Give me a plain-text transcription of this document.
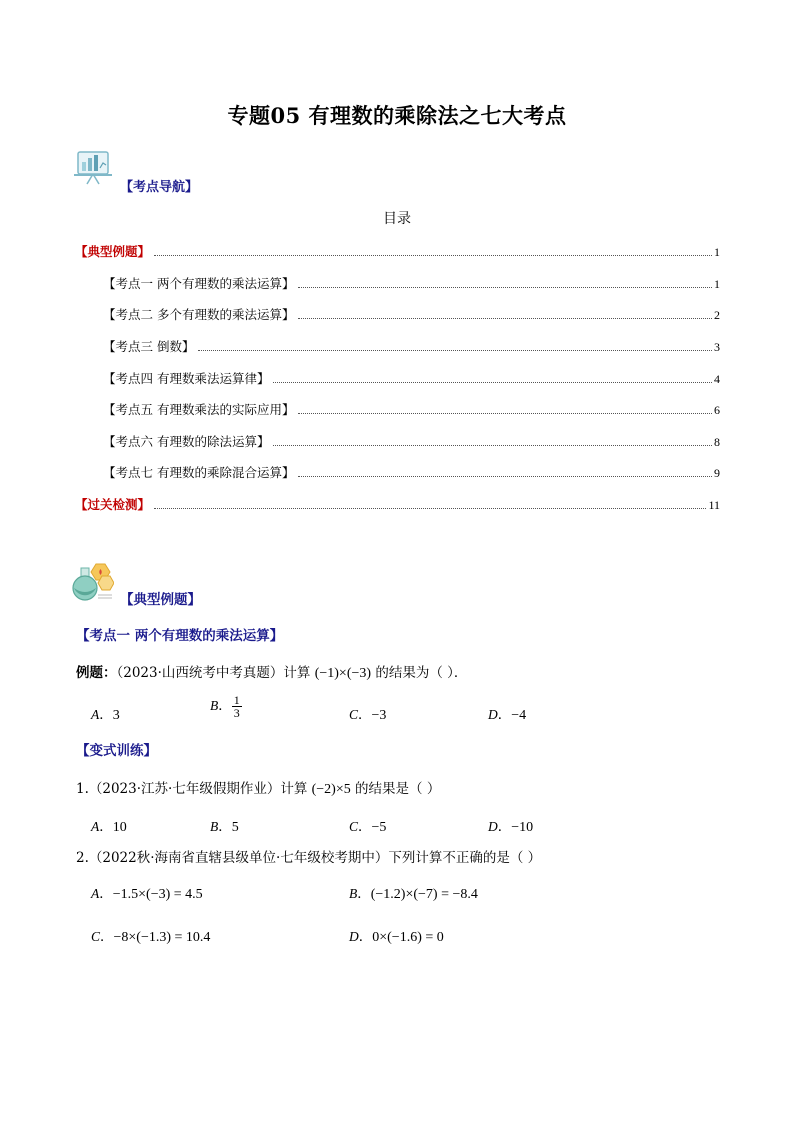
专题05 有理数的乘除法之七大考点
【考点导航】
目录
【典型例题】	1
【考点一 两个有理数的乘法运算】	1
【考点二 多个有理数的乘法运算】	2
【考点三 倒数】	3
【考点四 有理数乘法运算律】	4
【考点五 有理数乘法的实际应用】	6
【考点六 有理数的除法运算】	8
【考点七 有理数的乘除混合运算】	9
【过关检测】	11
【典型例题】
【考点一 两个有理数的乘法运算】
例题：（2023·山西统考中考真题）计算 (−1)×(−3) 的结果为（ ）．
A．3
B． $\frac{1}{3}$	C．−3	D．−4
【变式训练】
1.（2023·江苏·七年级假期作业）计算 (−2)×5 的结果是（ ）
A．10	B．5	C．−5	D．−10
2.（2022秋·海南省直辖县级单位·七年级校考期中）下列计算不正确的是（ ）
A．−1.5×(−3) = 4.5	B．(−1.2)×(−7) = −8.4
C．−8×(−1.3) = 10.4	D．0×(−1.6) = 0
